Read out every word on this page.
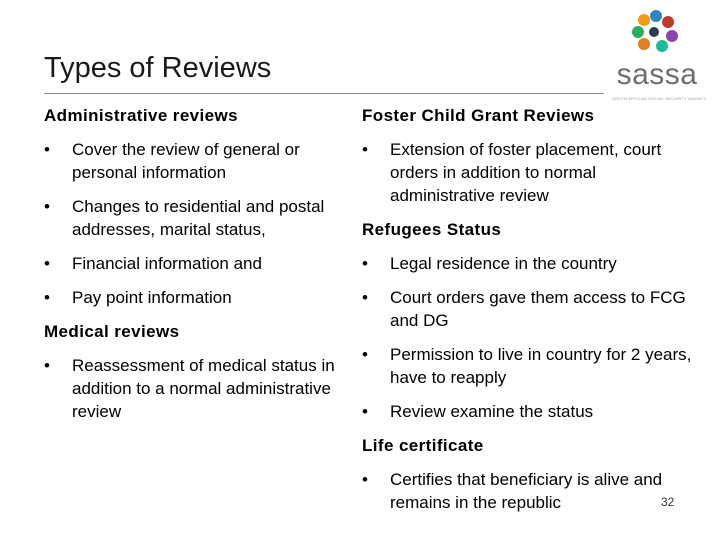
Types of Reviews	sassa
SOUTH AFRICAN SOCIAL SECURITY AGENCY
Administrative reviews
• Cover the review of general or personal information
• Changes to residential and postal addresses, marital status,
• Financial information and
• Pay point information
Medical reviews
• Reassessment of medical status in addition to a normal administrative review
Foster Child Grant Reviews
• Extension of foster placement, court orders in addition to normal administrative review
Refugees Status
• Legal residence in the country
• Court orders gave them access to FCG and DG
• Permission to live in country for 2 years, have to reapply
• Review examine the status
Life certificate
• Certifies that beneficiary is alive and remains in the republic	32
